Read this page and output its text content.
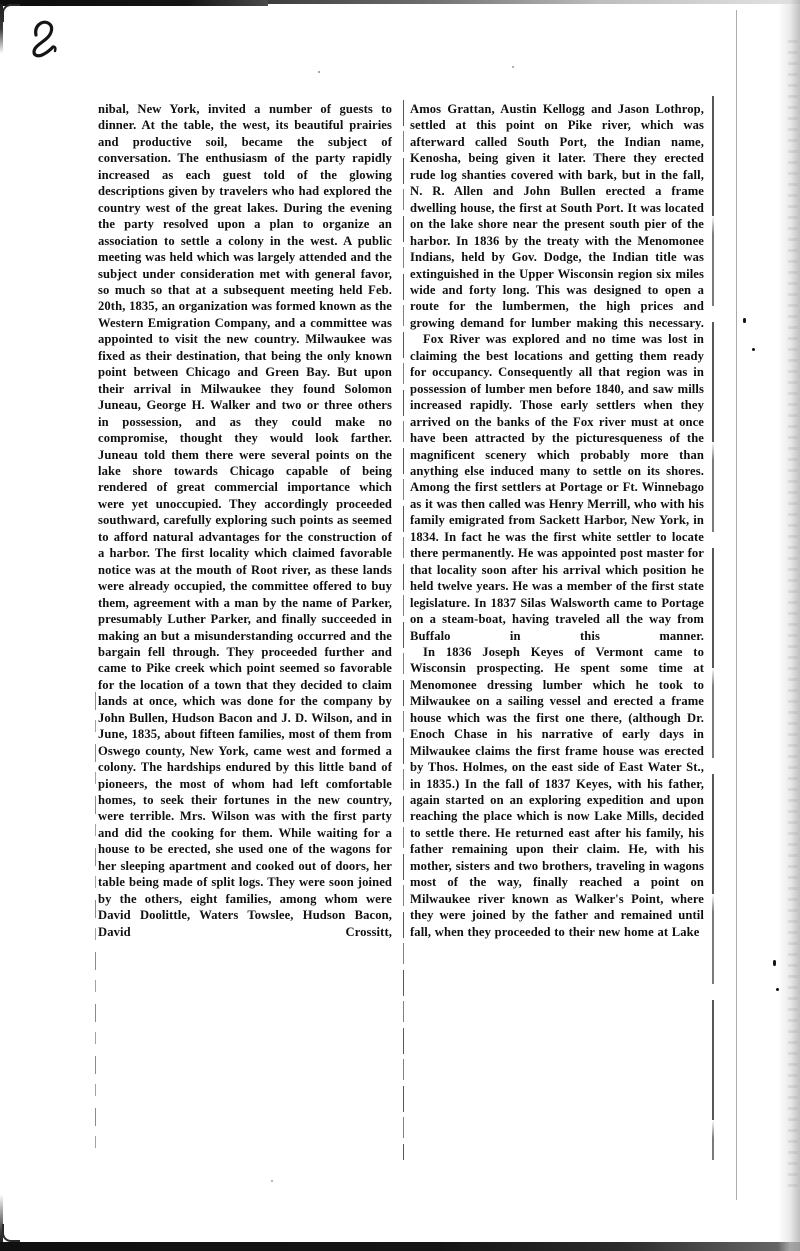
nibal, New York, invited a number of guests to dinner. At the table, the west, its beautiful prairies and productive soil, became the subject of conversation. The enthusiasm of the party rapidly increased as each guest told of the glowing descriptions given by travelers who had explored the country west of the great lakes. During the evening the party resolved upon a plan to organize an association to settle a colony in the west. A public meeting was held which was largely attended and the subject under consideration met with general favor, so much so that at a subsequent meeting held Feb. 20th, 1835, an organization was formed known as the Western Emigration Company, and a committee was appointed to visit the new country. Milwaukee was fixed as their destination, that being the only known point between Chicago and Green Bay. But upon their arrival in Milwaukee they found Solomon Juneau, George H. Walker and two or three others in possession, and as they could make no compromise, thought they would look farther. Juneau told them there were several points on the lake shore towards Chicago capable of being rendered of great commercial importance which were yet unoccupied. They accordingly proceeded southward, carefully exploring such points as seemed to afford natural advantages for the construction of a harbor. The first locality which claimed favorable notice was at the mouth of Root river, as these lands were already occupied, the committee offered to buy them, agreement with a man by the name of Parker, presumably Luther Parker, and finally succeeded in making an but a misunderstanding occurred and the bargain fell through. They proceeded further and came to Pike creek which point seemed so favorable for the location of a town that they decided to claim lands at once, which was done for the company by John Bullen, Hudson Bacon and J. D. Wilson, and in June, 1835, about fifteen families, most of them from Oswego county, New York, came west and formed a colony. The hardships endured by this little band of pioneers, the most of whom had left comfortable homes, to seek their fortunes in the new country, were terrible. Mrs. Wilson was with the first party and did the cooking for them. While waiting for a house to be erected, she used one of the wagons for her sleeping apartment and cooked out of doors, her table being made of split logs. They were soon joined by the others, eight families, among whom were David Doolittle, Waters Towslee, Hudson Bacon, David Crossitt,

Amos Grattan, Austin Kellogg and Jason Lothrop, settled at this point on Pike river, which was afterward called South Port, the Indian name, Kenosha, being given it later. There they erected rude log shanties covered with bark, but in the fall, N. R. Allen and John Bullen erected a frame dwelling house, the first at South Port. It was located on the lake shore near the present south pier of the harbor. In 1836 by the treaty with the Menomonee Indians, held by Gov. Dodge, the Indian title was extinguished in the Upper Wisconsin region six miles wide and forty long. This was designed to open a route for the lumbermen, the high prices and growing demand for lumber making this necessary.

Fox River was explored and no time was lost in claiming the best locations and getting them ready for occupancy. Consequently all that region was in possession of lumber men before 1840, and saw mills increased rapidly. Those early settlers when they arrived on the banks of the Fox river must at once have been attracted by the picturesqueness of the magnificent scenery which probably more than anything else induced many to settle on its shores. Among the first settlers at Portage or Ft. Winnebago as it was then called was Henry Merrill, who with his family emigrated from Sackett Harbor, New York, in 1834. In fact he was the first white settler to locate there permanently. He was appointed post master for that locality soon after his arrival which position he held twelve years. He was a member of the first state legislature. In 1837 Silas Walsworth came to Portage on a steam-boat, having traveled all the way from Buffalo in this manner.

In 1836 Joseph Keyes of Vermont came to Wisconsin prospecting. He spent some time at Menomonee dressing lumber which he took to Milwaukee on a sailing vessel and erected a frame house which was the first one there, (although Dr. Enoch Chase in his narrative of early days in Milwaukee claims the first frame house was erected by Thos. Holmes, on the east side of East Water St., in 1835.) In the fall of 1837 Keyes, with his father, again started on an exploring expedition and upon reaching the place which is now Lake Mills, decided to settle there. He returned east after his family, his father remaining upon their claim. He, with his mother, sisters and two brothers, traveling in wagons most of the way, finally reached a point on Milwaukee river known as Walker's Point, where they were joined by the father and remained until fall, when they proceeded to their new home at Lake
